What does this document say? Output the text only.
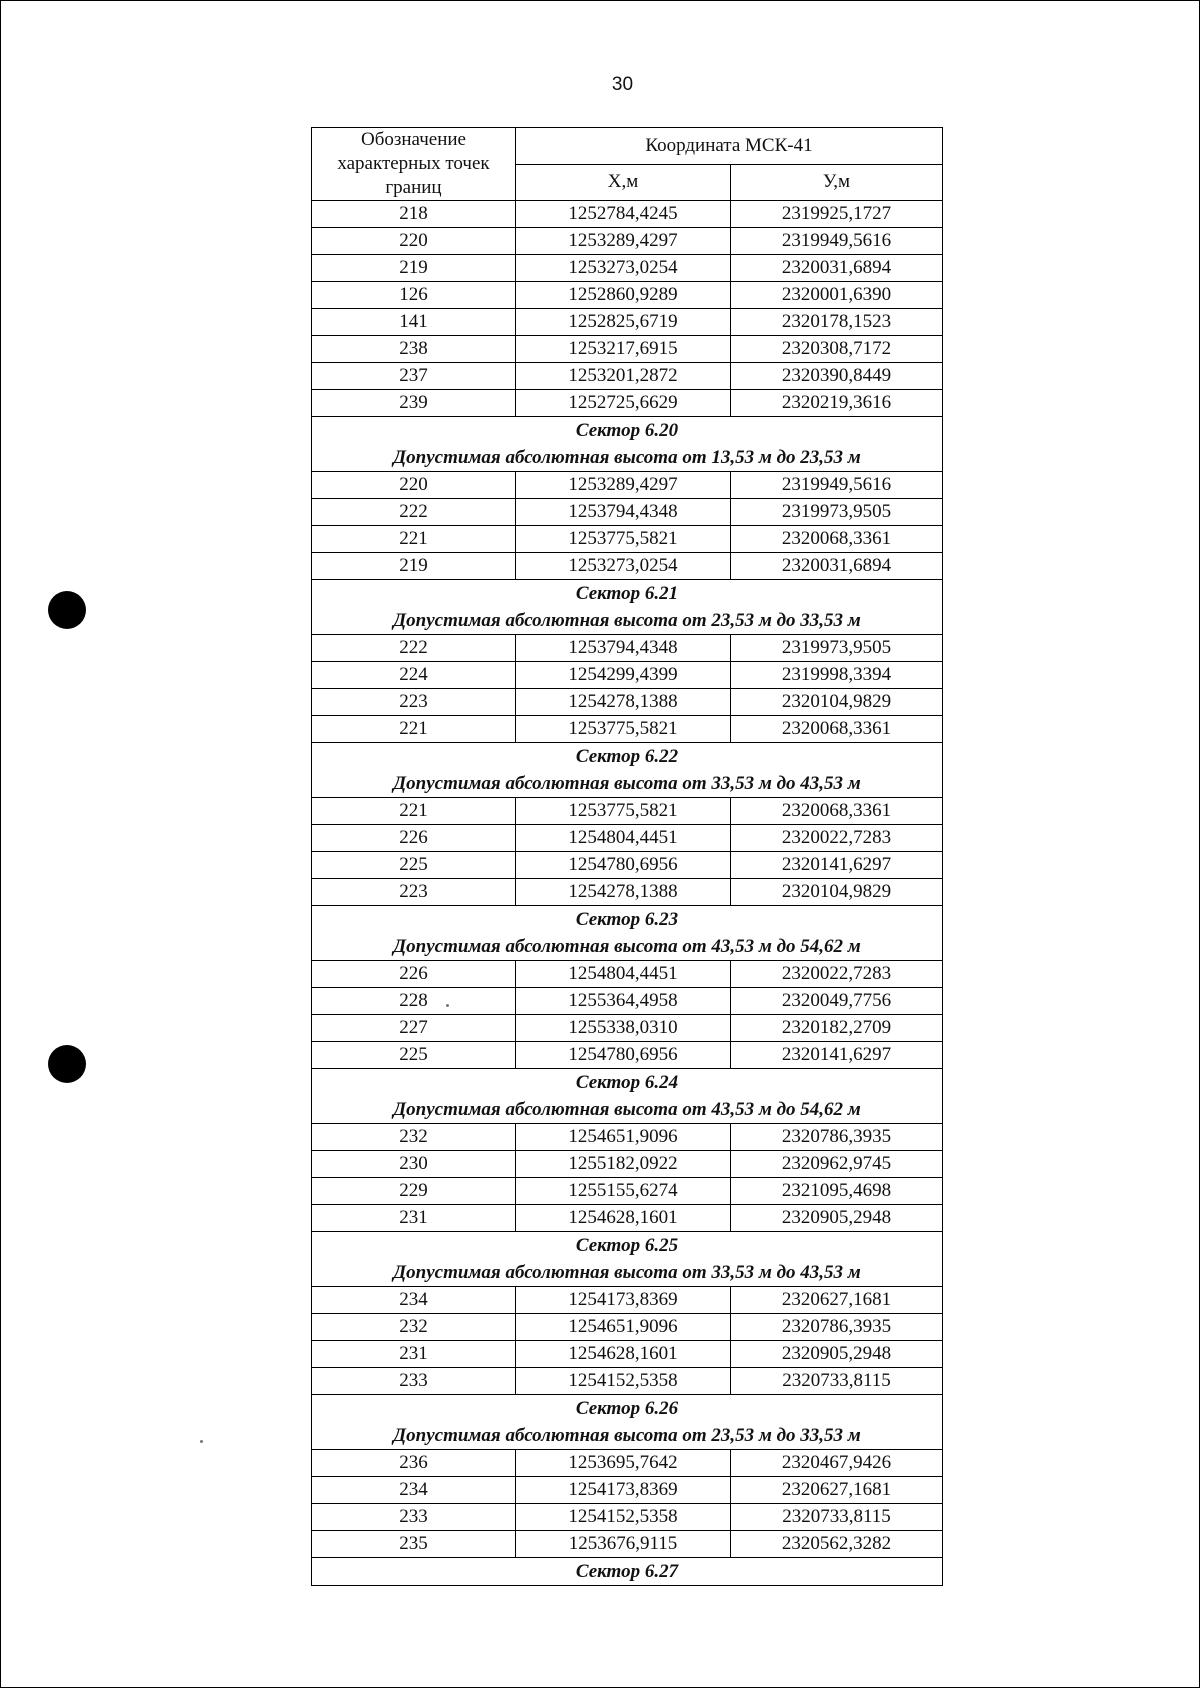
30
Обозначение характерных точек границ	Координата МСК-41	
	Х,м	У,м
218	1252784,4245	2319925,1727
220	1253289,4297	2319949,5616
219	1253273,0254	2320031,6894
126	1252860,9289	2320001,6390
141	1252825,6719	2320178,1523
238	1253217,6915	2320308,7172
237	1253201,2872	2320390,8449
239	1252725,6629	2320219,3616
Сектор 6.20		
Допустимая абсолютная высота от 13,53 м до 23,53 м		
220	1253289,4297	2319949,5616
222	1253794,4348	2319973,9505
221	1253775,5821	2320068,3361
219	1253273,0254	2320031,6894
Сектор 6.21		
Допустимая абсолютная высота от 23,53 м до 33,53 м		
222	1253794,4348	2319973,9505
224	1254299,4399	2319998,3394
223	1254278,1388	2320104,9829
221	1253775,5821	2320068,3361
Сектор 6.22		
Допустимая абсолютная высота от 33,53 м до 43,53 м		
221	1253775,5821	2320068,3361
226	1254804,4451	2320022,7283
225	1254780,6956	2320141,6297
223	1254278,1388	2320104,9829
Сектор 6.23		
Допустимая абсолютная высота от 43,53 м до 54,62 м		
226	1254804,4451	2320022,7283
228	1255364,4958	2320049,7756
227	1255338,0310	2320182,2709
225	1254780,6956	2320141,6297
Сектор 6.24		
Допустимая абсолютная высота от 43,53 м до 54,62 м		
232	1254651,9096	2320786,3935
230	1255182,0922	2320962,9745
229	1255155,6274	2321095,4698
231	1254628,1601	2320905,2948
Сектор 6.25		
Допустимая абсолютная высота от 33,53 м до 43,53 м		
234	1254173,8369	2320627,1681
232	1254651,9096	2320786,3935
231	1254628,1601	2320905,2948
233	1254152,5358	2320733,8115
Сектор 6.26		
Допустимая абсолютная высота от 23,53 м до 33,53 м		
236	1253695,7642	2320467,9426
234	1254173,8369	2320627,1681
233	1254152,5358	2320733,8115
235	1253676,9115	2320562,3282
Сектор 6.27		
